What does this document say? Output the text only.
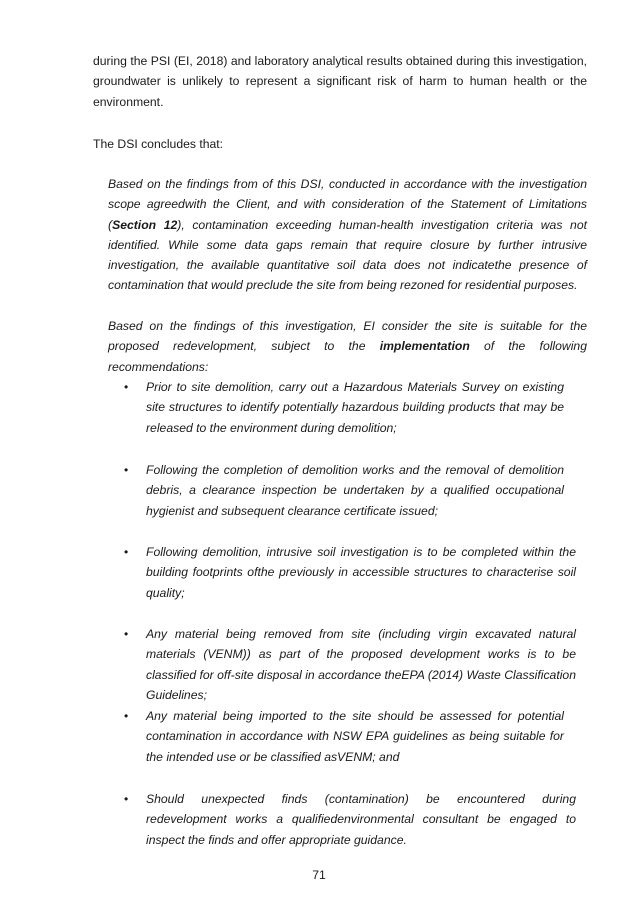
during the PSI (EI, 2018) and laboratory analytical results obtained during this investigation, groundwater is unlikely to represent a significant risk of harm to human health or the environment.

The DSI concludes that:

Based on the findings from of this DSI, conducted in accordance with the investigation scope agreedwith the Client, and with consideration of the Statement of Limitations (Section 12), contamination exceeding human-health investigation criteria was not identified. While some data gaps remain that require closure by further intrusive investigation, the available quantitative soil data does not indicatethe presence of contamination that would preclude the site from being rezoned for residential purposes.

Based on the findings of this investigation, EI consider the site is suitable for the proposed redevelopment, subject to the implementation of the following recommendations:

•	Prior to site demolition, carry out a Hazardous Materials Survey on existing site structures to identify potentially hazardous building products that may be released to the environment during demolition;

•	Following the completion of demolition works and the removal of demolition debris, a clearance inspection be undertaken by a qualified occupational hygienist and subsequent clearance certificate issued;

•	Following demolition, intrusive soil investigation is to be completed within the building footprints ofthe previously in accessible structures to characterise soil quality;

•	Any material being removed from site (including virgin excavated natural materials (VENM)) as part of the proposed development works is to be classified for off-site disposal in accordance theEPA (2014) Waste Classification Guidelines;

•	Any material being imported to the site should be assessed for potential contamination in accordance with NSW EPA guidelines as being suitable for the intended use or be classified asVENM; and

•	Should unexpected finds (contamination) be encountered during redevelopment works a qualifiedenvironmental consultant be engaged to inspect the finds and offer appropriate guidance.

71
